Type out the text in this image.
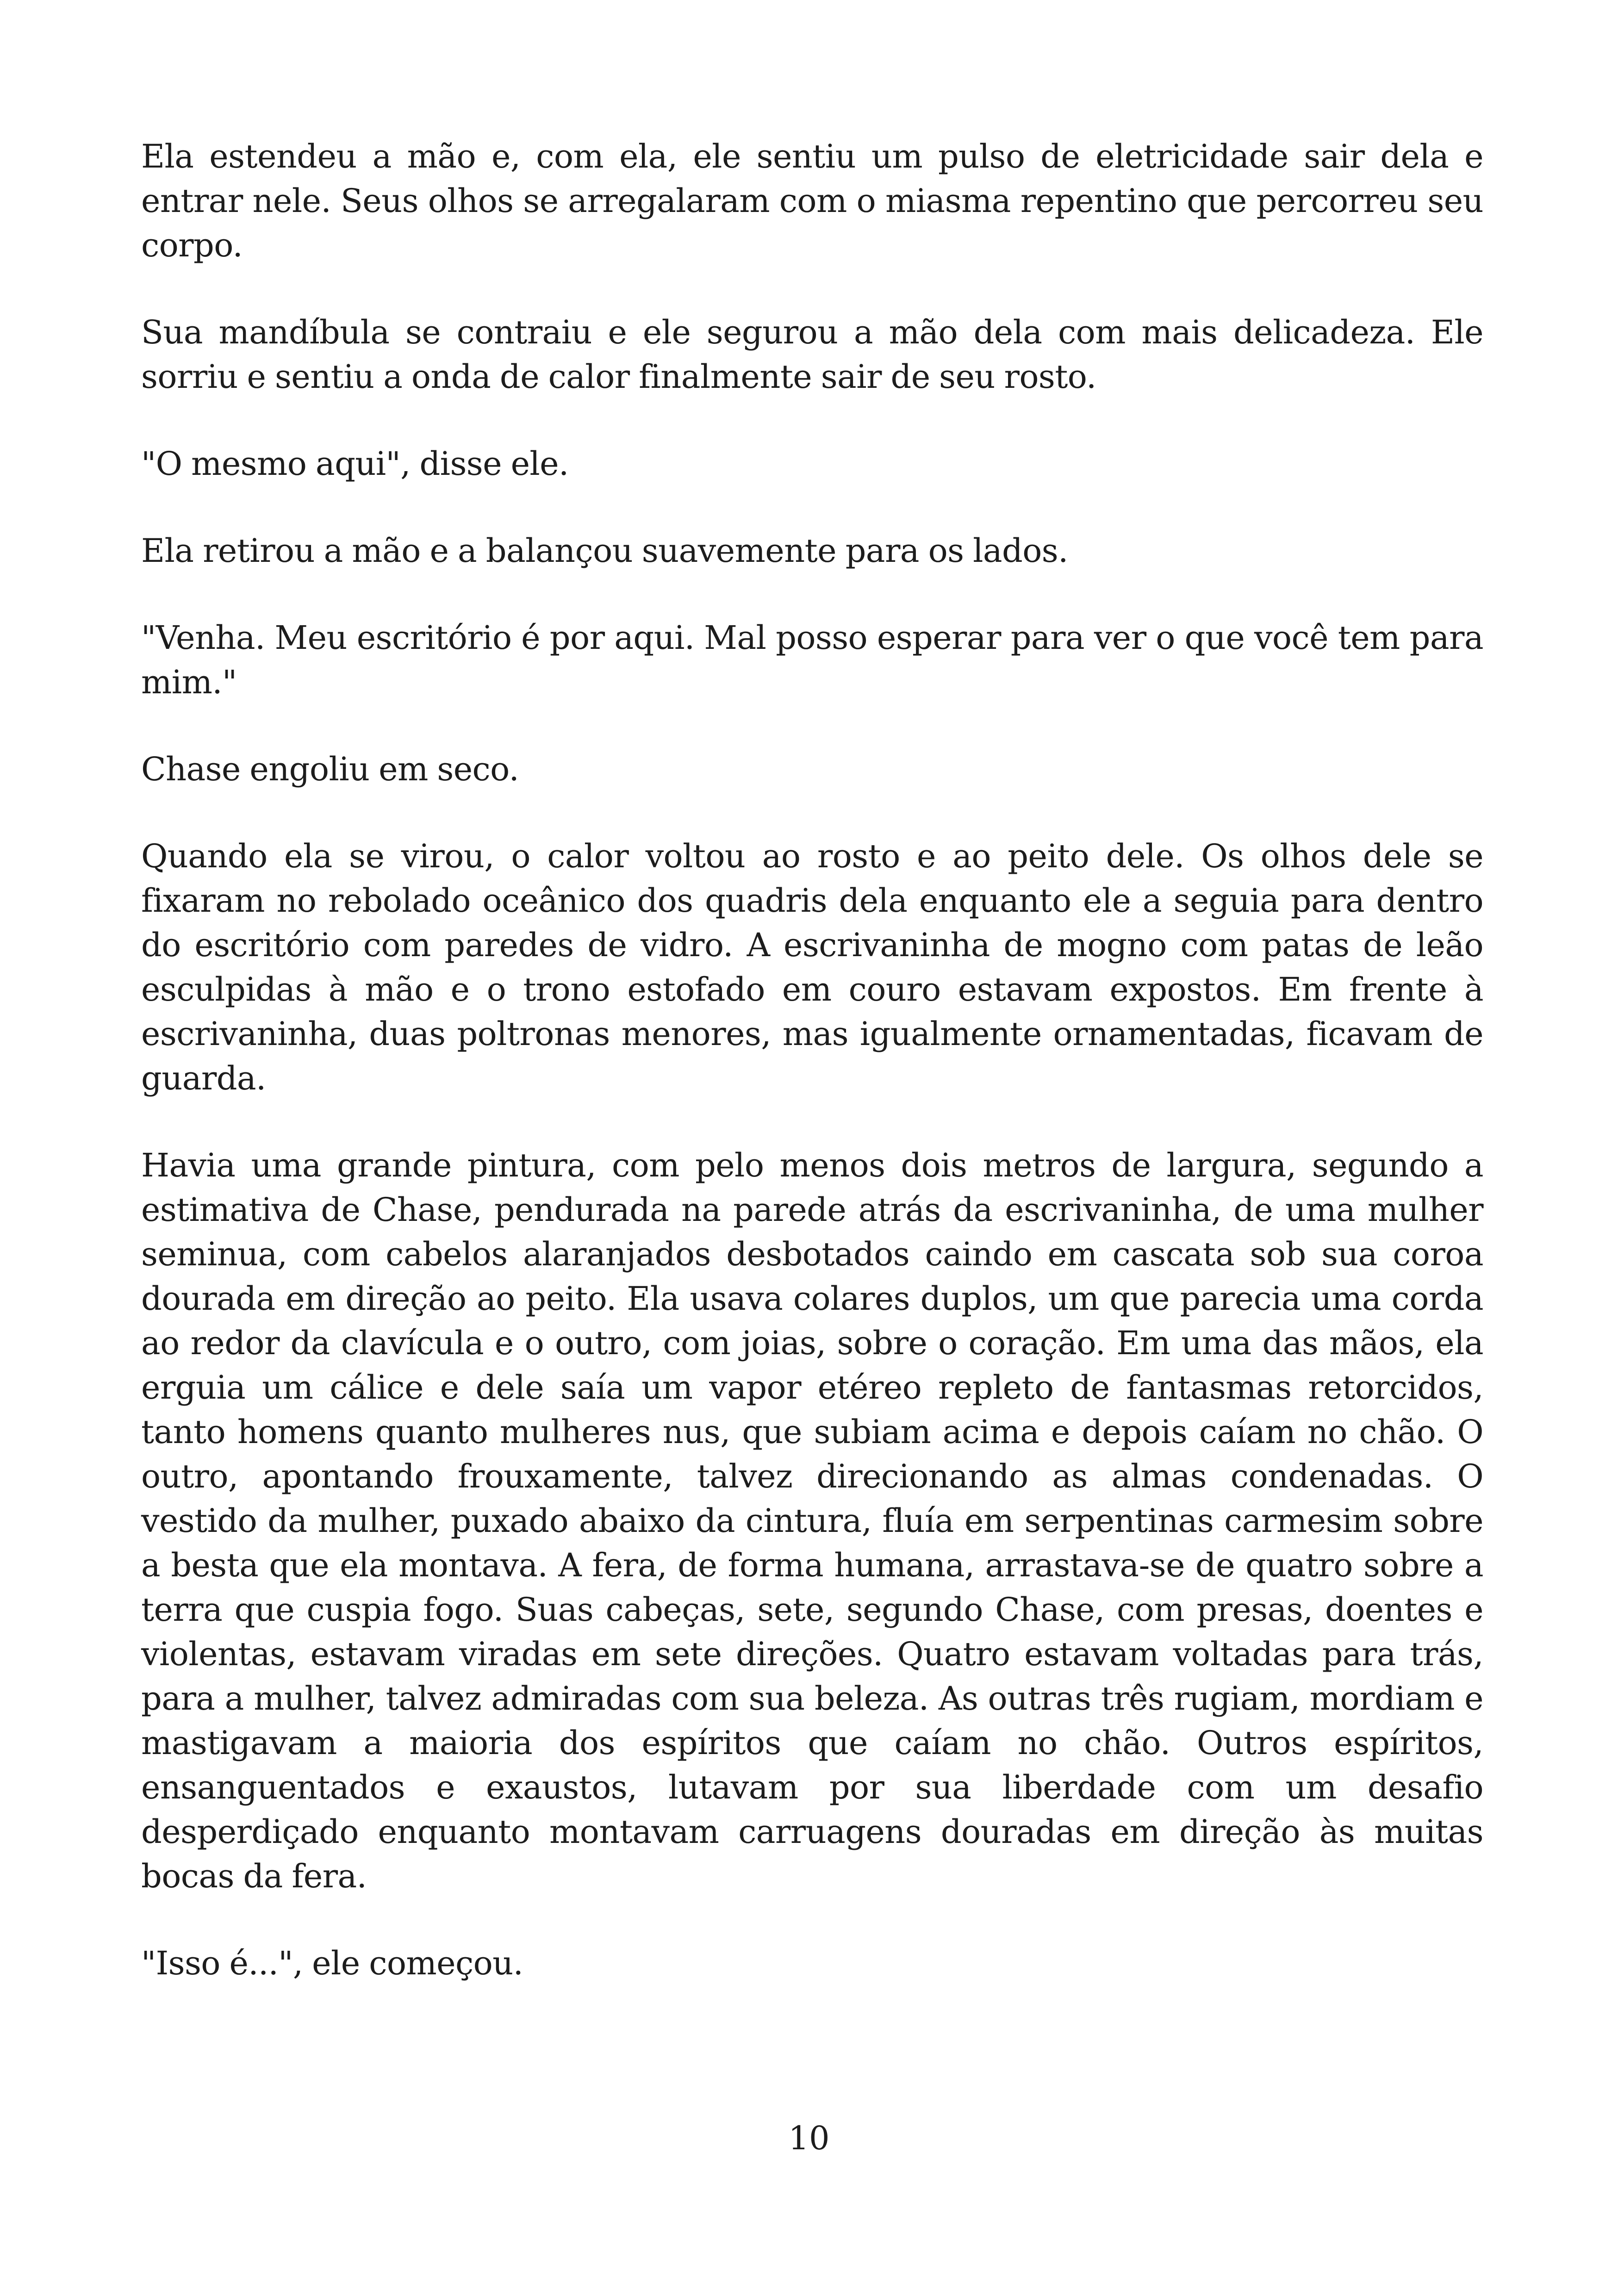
Ela estendeu a mão e, com ela, ele sentiu um pulso de eletricidade sair dela e entrar nele. Seus olhos se arregalaram com o miasma repentino que percorreu seu corpo.

Sua mandíbula se contraiu e ele segurou a mão dela com mais delicadeza. Ele sorriu e sentiu a onda de calor finalmente sair de seu rosto.

"O mesmo aqui", disse ele.

Ela retirou a mão e a balançou suavemente para os lados.

"Venha. Meu escritório é por aqui. Mal posso esperar para ver o que você tem para mim."

Chase engoliu em seco.

Quando ela se virou, o calor voltou ao rosto e ao peito dele. Os olhos dele se fixaram no rebolado oceânico dos quadris dela enquanto ele a seguia para dentro do escritório com paredes de vidro. A escrivaninha de mogno com patas de leão esculpidas à mão e o trono estofado em couro estavam expostos. Em frente à escrivaninha, duas poltronas menores, mas igualmente ornamentadas, ficavam de guarda.

Havia uma grande pintura, com pelo menos dois metros de largura, segundo a estimativa de Chase, pendurada na parede atrás da escrivaninha, de uma mulher seminua, com cabelos alaranjados desbotados caindo em cascata sob sua coroa dourada em direção ao peito. Ela usava colares duplos, um que parecia uma corda ao redor da clavícula e o outro, com joias, sobre o coração. Em uma das mãos, ela erguia um cálice e dele saía um vapor etéreo repleto de fantasmas retorcidos, tanto homens quanto mulheres nus, que subiam acima e depois caíam no chão. O outro, apontando frouxamente, talvez direcionando as almas condenadas. O vestido da mulher, puxado abaixo da cintura, fluía em serpentinas carmesim sobre a besta que ela montava. A fera, de forma humana, arrastava-se de quatro sobre a terra que cuspia fogo. Suas cabeças, sete, segundo Chase, com presas, doentes e violentas, estavam viradas em sete direções. Quatro estavam voltadas para trás, para a mulher, talvez admiradas com sua beleza. As outras três rugiam, mordiam e mastigavam a maioria dos espíritos que caíam no chão. Outros espíritos, ensanguentados e exaustos, lutavam por sua liberdade com um desafio desperdiçado enquanto montavam carruagens douradas em direção às muitas bocas da fera.

"Isso é...", ele começou.

10
